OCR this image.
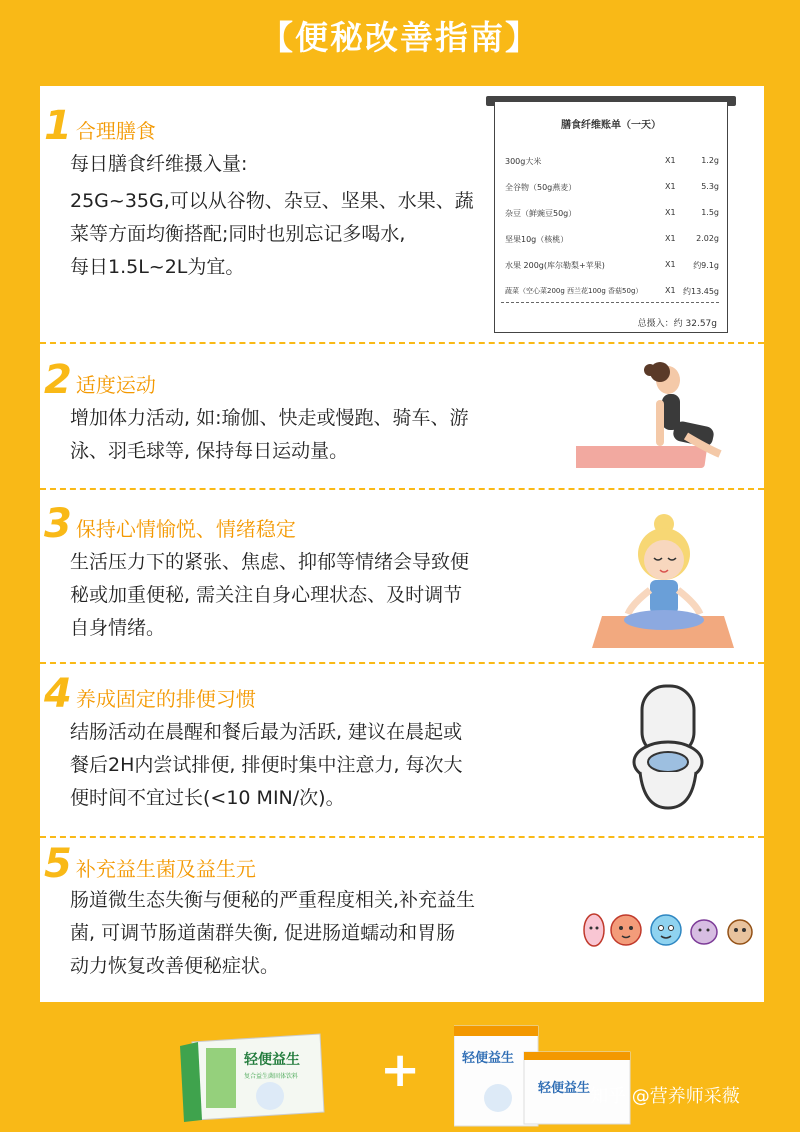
【便秘改善指南】
1 合理膳食

每日膳食纤维摄入量:

25G~35G,可以从谷物、杂豆、坚果、水果、蔬

菜等方面均衡搭配;同时也别忘记多喝水,

每日1.5L~2L为宜。

膳食纤维账单（一天）
300g大米	X1	1.2g
全谷物（50g燕麦）	X1	5.3g
杂豆（鲜豌豆50g）	X1	1.5g
坚果10g（核桃）	X1	2.02g
水果 200g(库尔勒梨+苹果)	X1 约9.1g
蔬菜（空心菜200g 西兰花100g 香菇50g）	X1 约13.45g
总摄入：约 32.57g
2 适度运动

增加体力活动, 如:瑜伽、快走或慢跑、骑车、游

泳、羽毛球等, 保持每日运动量。

3 保持心情愉悦、情绪稳定

生活压力下的紧张、焦虑、抑郁等情绪会导致便

秘或加重便秘, 需关注自身心理状态、及时调节

自身情绪。

4 养成固定的排便习惯

结肠活动在晨醒和餐后最为活跃, 建议在晨起或

餐后2H内尝试排便, 排便时集中注意力, 每次大

便时间不宜过长(<10 MIN/次)。

5 补充益生菌及益生元

肠道微生态失衡与便秘的严重程度相关,补充益生

菌, 可调节肠道菌群失衡, 促进肠道蠕动和胃肠

动力恢复改善便秘症状。

轻便益生
复合益生菌固体饮料 +	轻便益生
轻便益生 知乎 @营养师采薇
